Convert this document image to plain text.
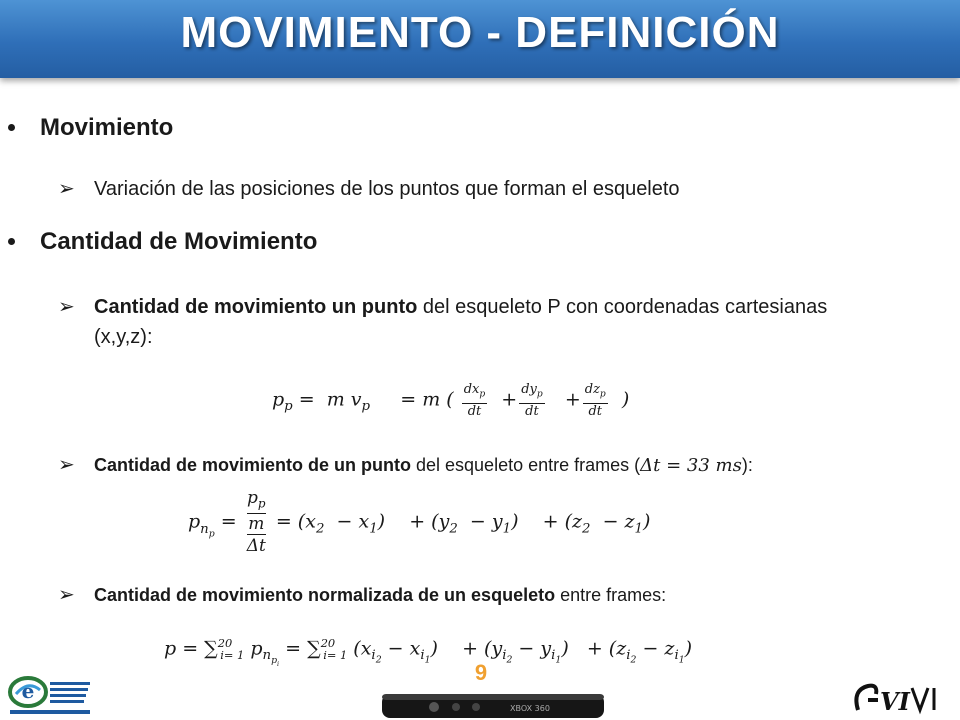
MOVIMIENTO - DEFINICIÓN
Movimiento
➢ Variación de las posiciones de los puntos que forman el esqueleto
Cantidad de Movimiento
➢ Cantidad de movimiento un punto del esqueleto P con coordenadas cartesianas (x,y,z):
$p_p = m$ $v_p$     = m ( $\frac{dx_p}{dt} + \frac{dy_p}{dt} + \frac{dz_p}{dt}$ )
➢ Cantidad de movimiento de un punto del esqueleto entre frames (Δt = 33 ms):
$p_{n_p} = p_p$
m
$\Delta t = (x_2 - x_1)$    + $(y_2 - y_1)$    + $(z_2 - z_1)$
➢ Cantidad de movimiento normalizada de un esqueleto entre frames:
p = ∑$^{20}_{i= 1}$ $p_{n_{p_i}} = \sum^{20}_{i= 1}$ $(x_{i_2} - x_{i_1})$    + $(y_{i_2} - y_{i_1}) + (z_{i_2} - z_{i_1})$
9
e
XBOX 360	VI
